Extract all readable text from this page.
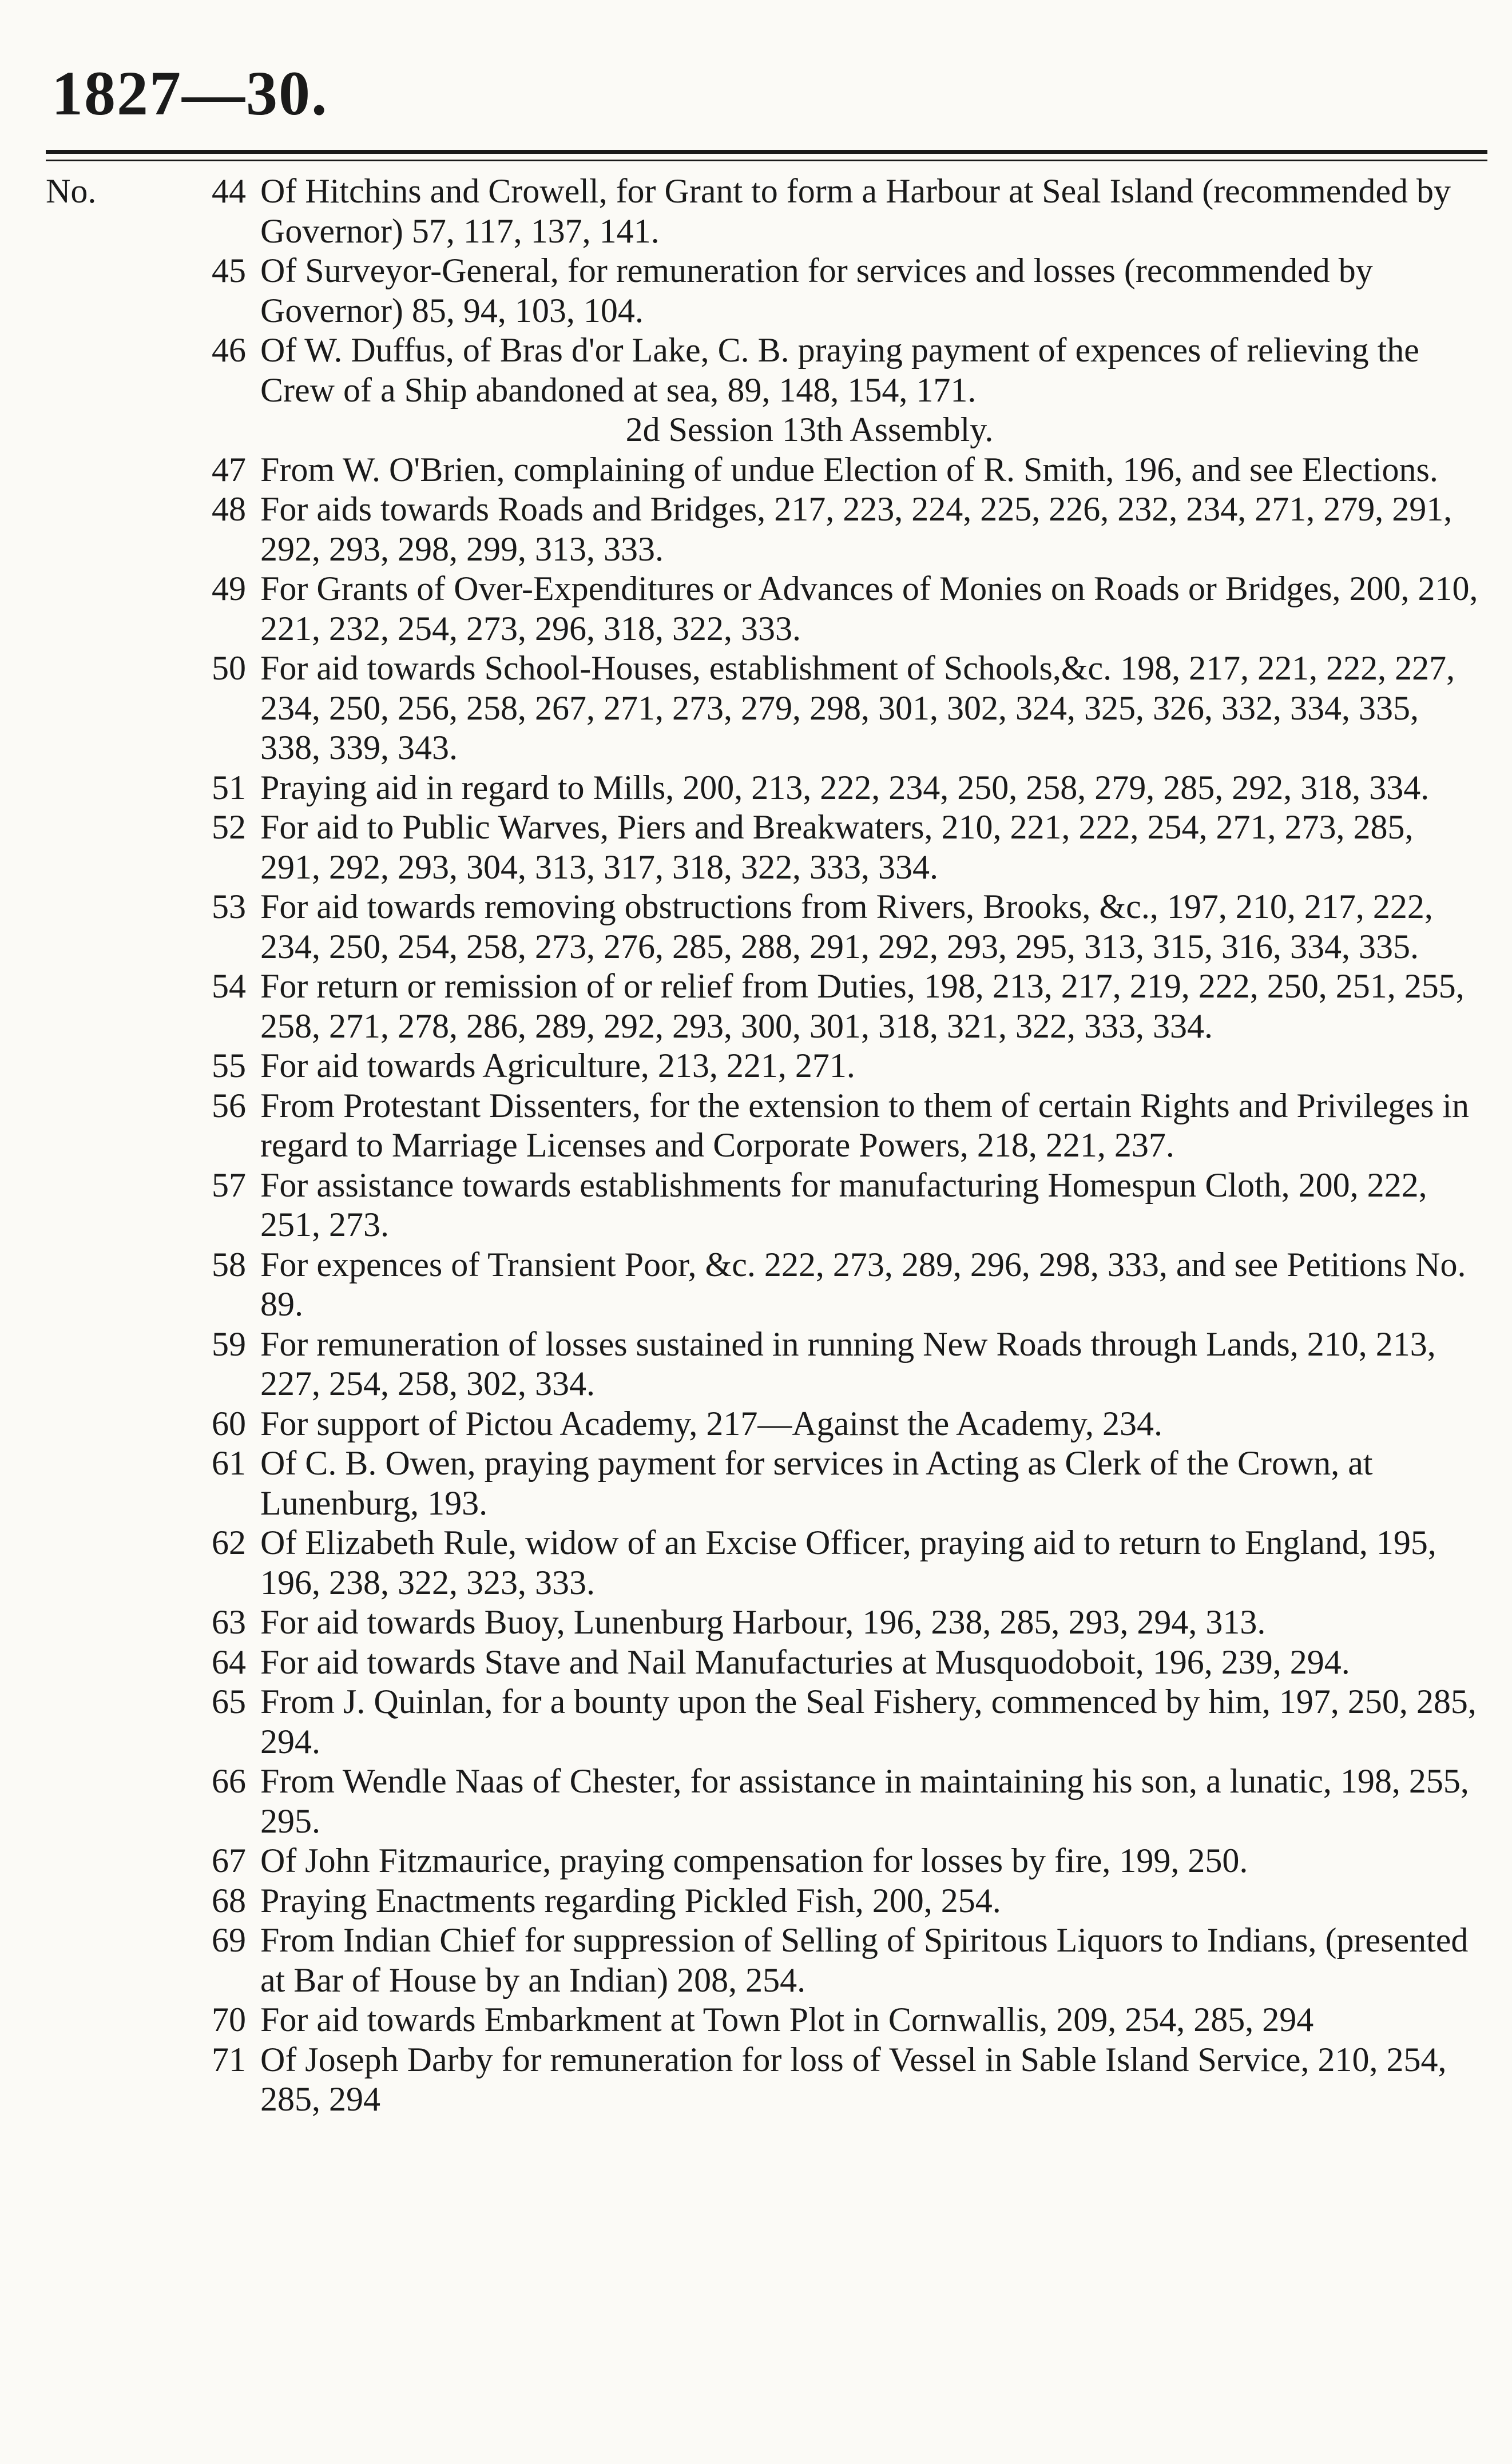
1827—30.

No.	44 Of Hitchins and Crowell, for Grant to form a Harbour at Seal Island (recommended by Governor) 57, 117, 137, 141.

45 Of Surveyor-General, for remuneration for services and losses (recommended by Governor) 85, 94, 103, 104.

46 Of W. Duffus, of Bras d'or Lake, C. B. praying payment of expences of relieving the Crew of a Ship abandoned at sea, 89, 148, 154, 171.

2d Session 13th Assembly.

47 From W. O'Brien, complaining of undue Election of R. Smith, 196, and see Elections.

48 For aids towards Roads and Bridges, 217, 223, 224, 225, 226, 232, 234, 271, 279, 291, 292, 293, 298, 299, 313, 333.

49 For Grants of Over-Expenditures or Advances of Monies on Roads or Bridges, 200, 210, 221, 232, 254, 273, 296, 318, 322, 333.

50 For aid towards School-Houses, establishment of Schools,&c. 198, 217, 221, 222, 227, 234, 250, 256, 258, 267, 271, 273, 279, 298, 301, 302, 324, 325, 326, 332, 334, 335, 338, 339, 343.

51 Praying aid in regard to Mills, 200, 213, 222, 234, 250, 258, 279, 285, 292, 318, 334.

52 For aid to Public Warves, Piers and Breakwaters, 210, 221, 222, 254, 271, 273, 285, 291, 292, 293, 304, 313, 317, 318, 322, 333, 334.

53 For aid towards removing obstructions from Rivers, Brooks, &c., 197, 210, 217, 222, 234, 250, 254, 258, 273, 276, 285, 288, 291, 292, 293, 295, 313, 315, 316, 334, 335.

54 For return or remission of or relief from Duties, 198, 213, 217, 219, 222, 250, 251, 255, 258, 271, 278, 286, 289, 292, 293, 300, 301, 318, 321, 322, 333, 334.

55 For aid towards Agriculture, 213, 221, 271.

56 From Protestant Dissenters, for the extension to them of certain Rights and Privileges in regard to Marriage Licenses and Corporate Powers, 218, 221, 237.

57 For assistance towards establishments for manufacturing Homespun Cloth, 200, 222, 251, 273.

58 For expences of Transient Poor, &c. 222, 273, 289, 296, 298, 333, and see Petitions No. 89.

59 For remuneration of losses sustained in running New Roads through Lands, 210, 213, 227, 254, 258, 302, 334.

60 For support of Pictou Academy, 217—Against the Academy, 234.

61 Of C. B. Owen, praying payment for services in Acting as Clerk of the Crown, at Lunenburg, 193.

62 Of Elizabeth Rule, widow of an Excise Officer, praying aid to return to England, 195, 196, 238, 322, 323, 333.

63 For aid towards Buoy, Lunenburg Harbour, 196, 238, 285, 293, 294, 313.

64 For aid towards Stave and Nail Manufacturies at Musquodoboit, 196, 239, 294.

65 From J. Quinlan, for a bounty upon the Seal Fishery, commenced by him, 197, 250, 285, 294.

66 From Wendle Naas of Chester, for assistance in maintaining his son, a lunatic, 198, 255, 295.

67 Of John Fitzmaurice, praying compensation for losses by fire, 199, 250.

68 Praying Enactments regarding Pickled Fish, 200, 254.

69 From Indian Chief for suppression of Selling of Spiritous Liquors to Indians, (presented at Bar of House by an Indian) 208, 254.

70 For aid towards Embarkment at Town Plot in Cornwallis, 209, 254, 285, 294

71 Of Joseph Darby for remuneration for loss of Vessel in Sable Island Service, 210, 254, 285, 294
